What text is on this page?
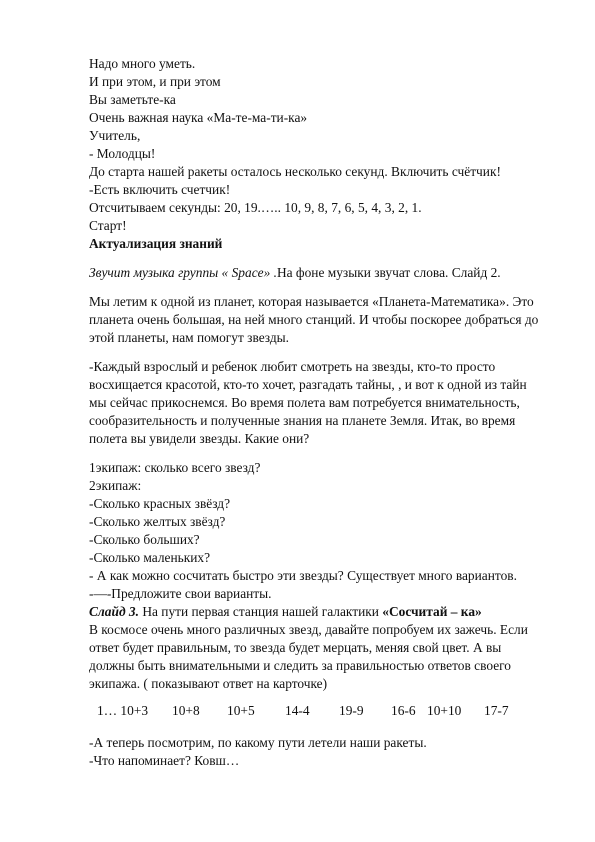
Надо много уметь.
И при этом, и при этом
Вы заметьте-ка
Очень важная наука «Ма-те-ма-ти-ка»
Учитель,
- Молодцы!
До старта нашей ракеты осталось несколько секунд. Включить счётчик!
-Есть включить счетчик!
Отсчитываем секунды: 20, 19.….. 10, 9, 8, 7, 6, 5, 4, 3, 2, 1.
Старт!
Актуализация знаний
Звучит музыка группы « Space» .На фоне музыки звучат слова. Слайд 2.
Мы летим к одной из планет, которая называется «Планета-Математика». Это
планета очень большая, на ней много станций. И чтобы поскорее добраться до
этой планеты, нам помогут звезды.
-Каждый взрослый и ребенок любит смотреть на звезды, кто-то просто
восхищается красотой, кто-то хочет, разгадать тайны, , и вот к одной из тайн
мы сейчас прикоснемся. Во время полета вам потребуется внимательность,
сообразительность и полученные знания на планете Земля. Итак, во время
полета вы увидели звезды. Какие они?
1экипаж: сколько всего звезд?
2экипаж:
-Сколько красных звёзд?
-Сколько желтых звёзд?
-Сколько больших?
-Сколько маленьких?
- А как можно сосчитать быстро эти звезды? Существует много вариантов.
-—-Предложите свои варианты.
Слайд 3. На пути первая станция нашей галактики «Сосчитай – ка»
В космосе очень много различных звезд, давайте попробуем их зажечь. Если
ответ будет правильным, то звезда будет мерцать, меняя свой цвет. А вы
должны быть внимательными и следить за правильностью ответов своего
экипажа. ( показывают ответ на карточке)
1… 10+3 10+8 10+5 14-4 19-9 16-6 10+10 17-7
-А теперь посмотрим, по какому пути летели наши ракеты.
-Что напоминает? Ковш…
